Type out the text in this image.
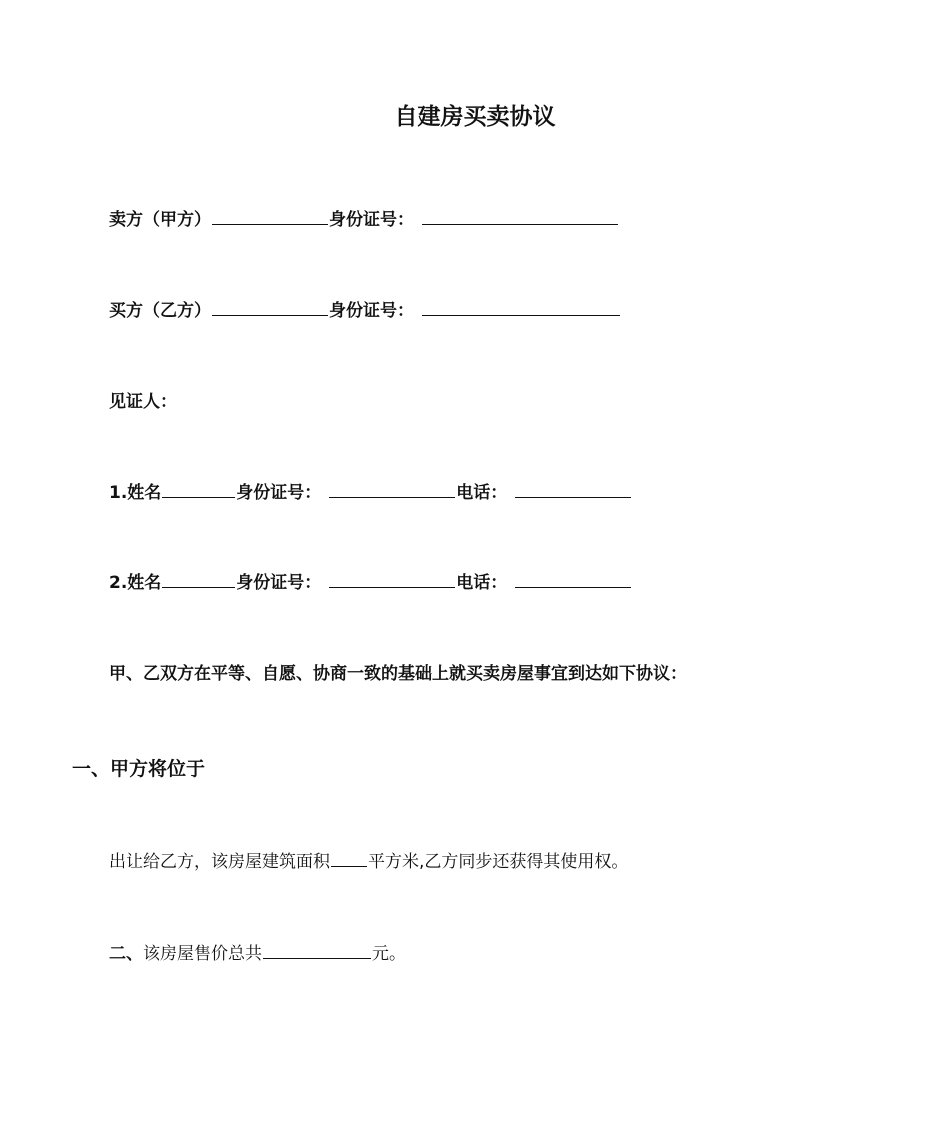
自建房买卖协议
卖方（甲方）	身份证号：
买方（乙方）	身份证号：
见证人：
1.姓名	身份证号：	电话：
2.姓名	身份证号：	电话：
甲、乙双方在平等、自愿、协商一致的基础上就买卖房屋事宜到达如下协议：
一、甲方将位于
出让给乙方，该房屋建筑面积 平方米,乙方同步还获得其使用权。
二、该房屋售价总共	元。
